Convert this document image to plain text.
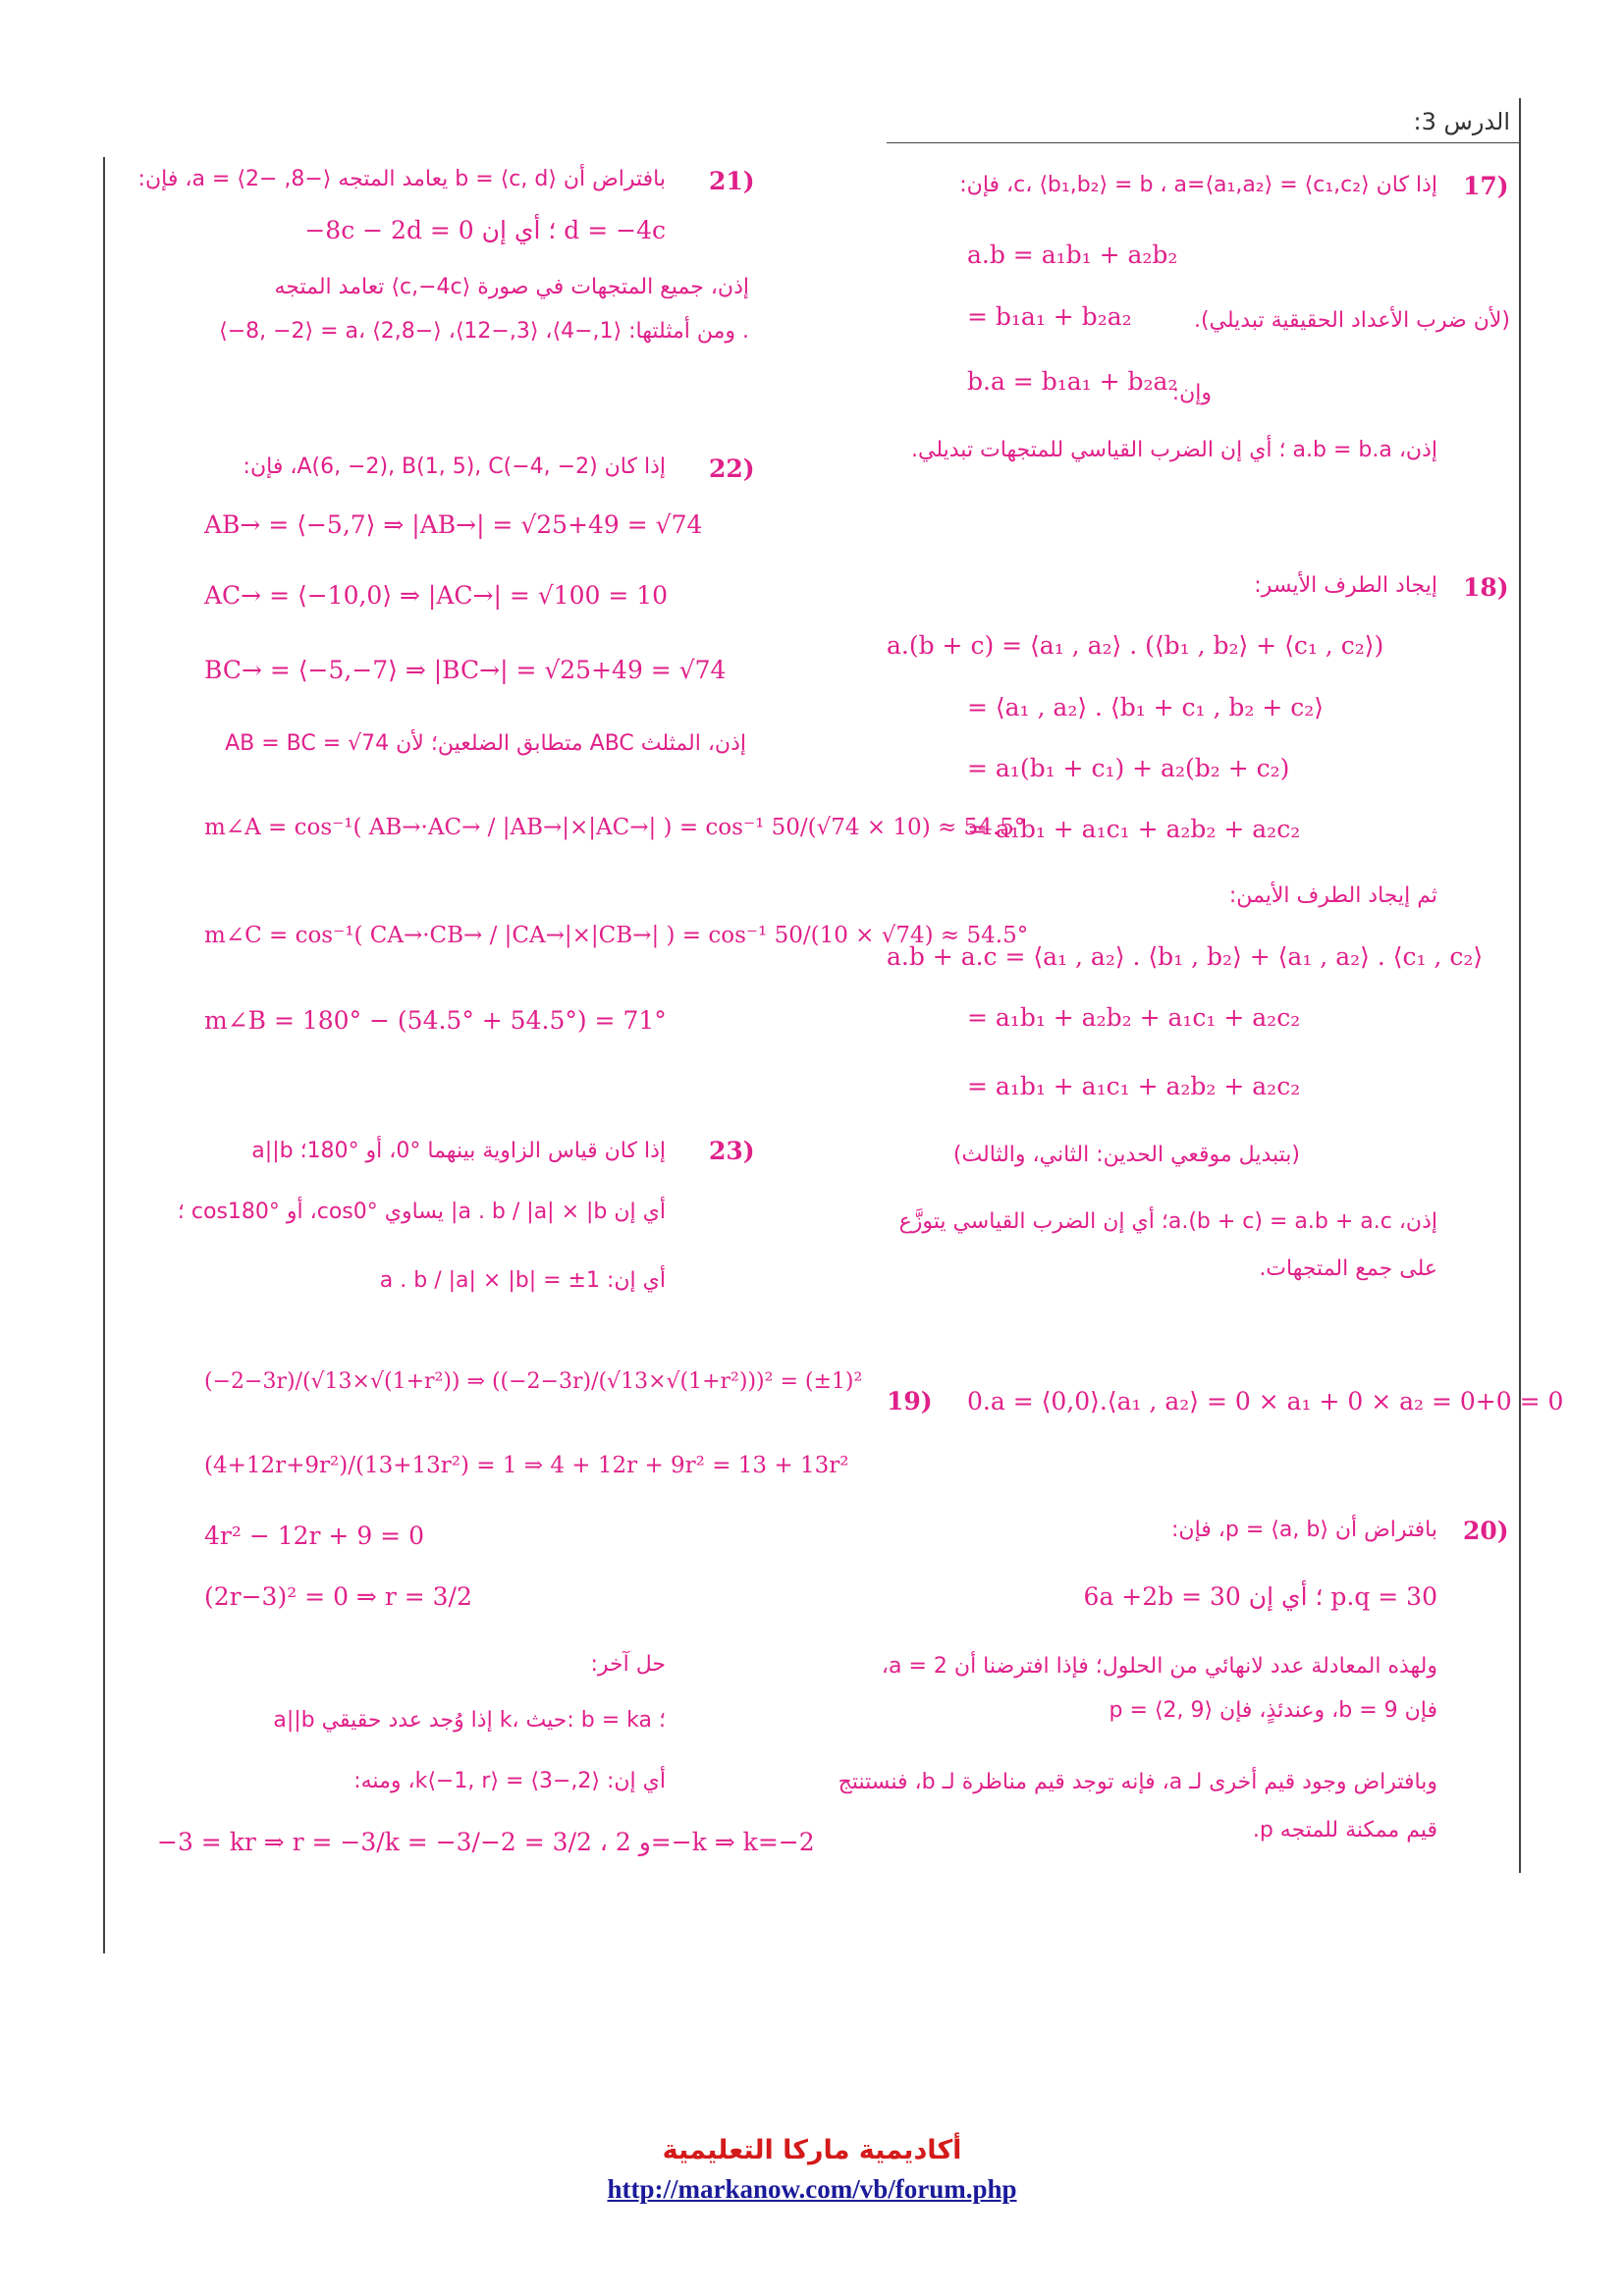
الدرس 3:
17)
إذا كان ⟨c₁,c₂⟩ = c، ⟨b₁,b₂⟩ = b ، a=⟨a₁,a₂⟩، فإن:
a.b = a₁b₁ + a₂b₂
= b₁a₁ + b₂a₂	(لأن ضرب الأعداد الحقيقية تبديلي).
وإن:
b.a = b₁a₁ + b₂a₂
إذن، a.b = b.a ؛ أي إن الضرب القياسي للمتجهات تبديلي.
18)
إيجاد الطرف الأيسر:
a.(b + c) = ⟨a₁ , a₂⟩ . (⟨b₁ , b₂⟩ + ⟨c₁ , c₂⟩)
= ⟨a₁ , a₂⟩ . ⟨b₁ + c₁ , b₂ + c₂⟩
= a₁(b₁ + c₁) + a₂(b₂ + c₂)
= a₁b₁ + a₁c₁ + a₂b₂ + a₂c₂
ثم إيجاد الطرف الأيمن:
a.b + a.c = ⟨a₁ , a₂⟩ . ⟨b₁ , b₂⟩ + ⟨a₁ , a₂⟩ . ⟨c₁ , c₂⟩
= a₁b₁ + a₂b₂ + a₁c₁ + a₂c₂
= a₁b₁ + a₁c₁ + a₂b₂ + a₂c₂
(بتبديل موقعي الحدين: الثاني، والثالث)
إذن، a.(b + c) = a.b + a.c؛ أي إن الضرب القياسي يتوزَّع
على جمع المتجهات.
19) 0.a = ⟨0,0⟩.⟨a₁ , a₂⟩ = 0 × a₁ + 0 × a₂ = 0+0 = 0
20)
بافتراض أن ⟨a, b⟩ = p، فإن:
6a +2b = 30 ؛ أي إن p.q = 30
ولهذه المعادلة عدد لانهائي من الحلول؛ فإذا افترضنا أن a = 2،
فإن b = 9، وعندئذٍ، فإن p = ⟨2, 9⟩
وبافتراض وجود قيم أخرى لـ a، فإنه توجد قيم مناظرة لـ b، فنستنتج
قيم ممكنة للمتجه p.
21)
بافتراض أن ⟨c, d⟩ = b يعامد المتجه ⟨−8, −2⟩ = a، فإن:
−8c − 2d = 0 ؛ أي إن d = −4c
إذن، جميع المتجهات في صورة ⟨c,−4c⟩ تعامد المتجه
⟨−8, −2⟩ = a، ومن أمثلتها: ⟨1,−4⟩، ⟨3,−12⟩، ⟨−2,8⟩ .
22)
إذا كان A(6, −2), B(1, 5), C(−4, −2)، فإن:
AB→ = ⟨−5,7⟩ ⇒ |AB→| = √25+49 = √74
AC→ = ⟨−10,0⟩ ⇒ |AC→| = √100 = 10
BC→ = ⟨−5,−7⟩ ⇒ |BC→| = √25+49 = √74
إذن، المثلث ABC متطابق الضلعين؛ لأن AB = BC = √74
m∠A = cos⁻¹( AB→·AC→ / |AB→|×|AC→| ) = cos⁻¹ 50/(√74 × 10) ≈ 54.5°
m∠C = cos⁻¹( CA→·CB→ / |CA→|×|CB→| ) = cos⁻¹ 50/(10 × √74) ≈ 54.5°
m∠B = 180° − (54.5° + 54.5°) = 71°
23)
a||b إذا كان قياس الزاوية بينهما °0، أو °180؛
أي إن a . b / |a| × |b| يساوي cos0°، أو cos180° ؛
أي إن: a . b / |a| × |b| = ±1
(−2−3r)/(√13×√(1+r²)) ⇒ ((−2−3r)/(√13×√(1+r²)))² = (±1)²
(4+12r+9r²)/(13+13r²) = 1 ⇒ 4 + 12r + 9r² = 13 + 13r²
4r² − 12r + 9 = 0
(2r−3)² = 0 ⇒ r = 3/2
حل آخر:
a||b إذا وُجد عدد حقيقي k، حيث: b = ka ؛
أي إن: ⟨2,−3⟩ = k⟨−1, r⟩، ومنه:
−3 = kr ⇒ r = −3/k = −3/−2 = 3/2 ، و 2=−k ⇒ k=−2
أكاديمية ماركا التعليمية
http://markanow.com/vb/forum.php
